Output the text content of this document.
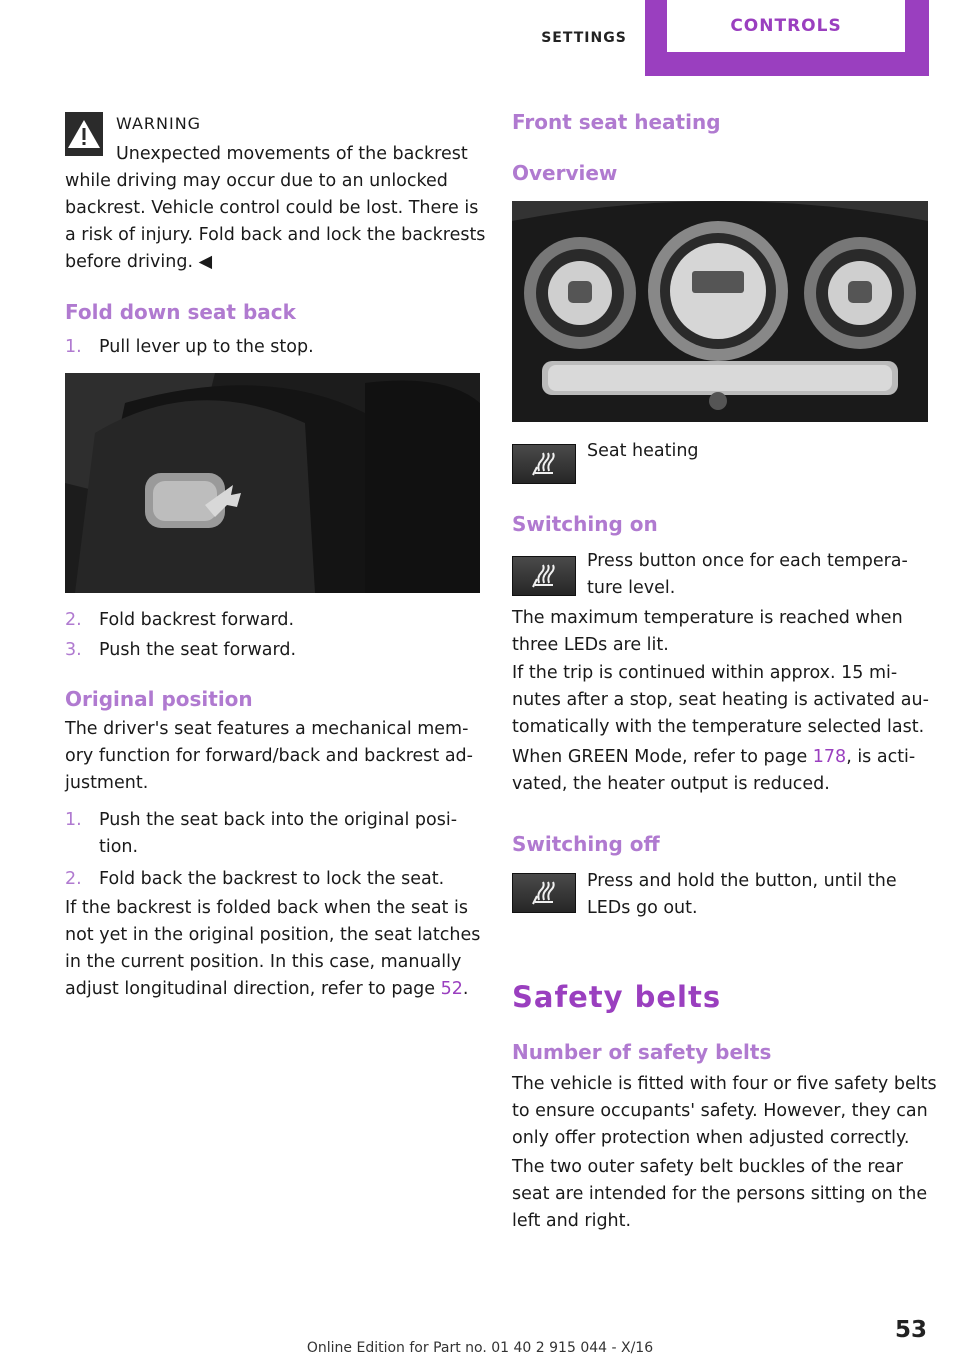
SETTINGS
CONTROLS

WARNING

Unexpected movements of the backrest

while driving may occur due to an unlocked

backrest. Vehicle control could be lost. There is

a risk of injury. Fold back and lock the backrests

before driving. ◀

Fold down seat back
1. Pull lever up to the stop.

2. Fold backrest forward.

3. Push the seat forward.

Original position

The driver's seat features a mechanical mem‐

ory function for forward/back and backrest ad‐

justment.

1. Push the seat back into the original posi‐

tion.

2. Fold back the backrest to lock the seat.

If the backrest is folded back when the seat is

not yet in the original position, the seat latches

in the current position. In this case, manually

adjust longitudinal direction, refer to page 52.

Front seat heating
Overview

Seat heating

Switching on

Press button once for each tempera‐

ture level.

The maximum temperature is reached when

three LEDs are lit.

If the trip is continued within approx. 15 mi‐

nutes after a stop, seat heating is activated au‐

tomatically with the temperature selected last.

When GREEN Mode, refer to page 178, is acti‐

vated, the heater output is reduced.

Switching off

Press and hold the button, until the

LEDs go out.

Safety belts
Number of safety belts

The vehicle is fitted with four or five safety belts

to ensure occupants' safety. However, they can

only offer protection when adjusted correctly.

The two outer safety belt buckles of the rear

seat are intended for the persons sitting on the

left and right.

53
Online Edition for Part no. 01 40 2 915 044 - X/16
